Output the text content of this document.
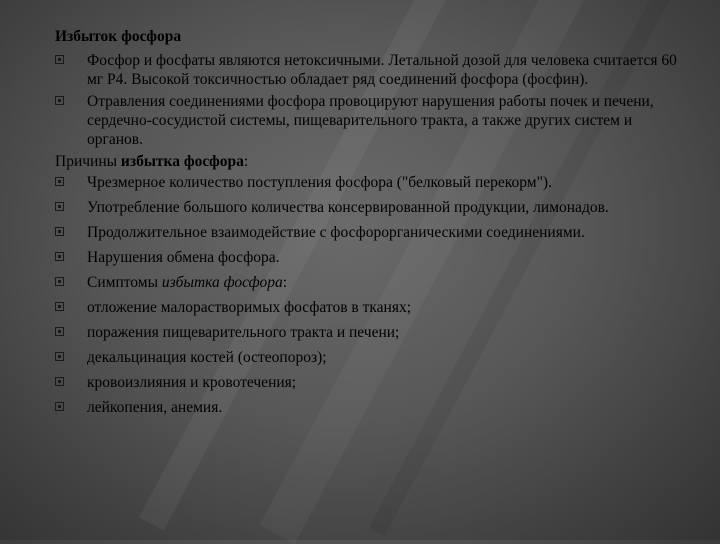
Избыток фосфора
Фосфор и фосфаты являются нетоксичными. Летальной дозой для человека считается 60 мг Р4. Высокой токсичностью обладает ряд соединений фосфора (фосфин).
Отравления соединениями фосфора провоцируют нарушения работы почек и печени, сердечно-сосудистой системы, пищеварительного тракта, а также других систем и органов.
Причины избытка фосфора:
Чрезмерное количество поступления фосфора ("белковый перекорм").
Употребление большого количества консервированной продукции, лимонадов.
Продолжительное взаимодействие с фосфорорганическими соединениями.
Нарушения обмена фосфора.
Симптомы избытка фосфора:
отложение малорастворимых фосфатов в тканях;
поражения пищеварительного тракта и печени;
декальцинация костей (остеопороз);
кровоизлияния и кровотечения;
лейкопения, анемия.
